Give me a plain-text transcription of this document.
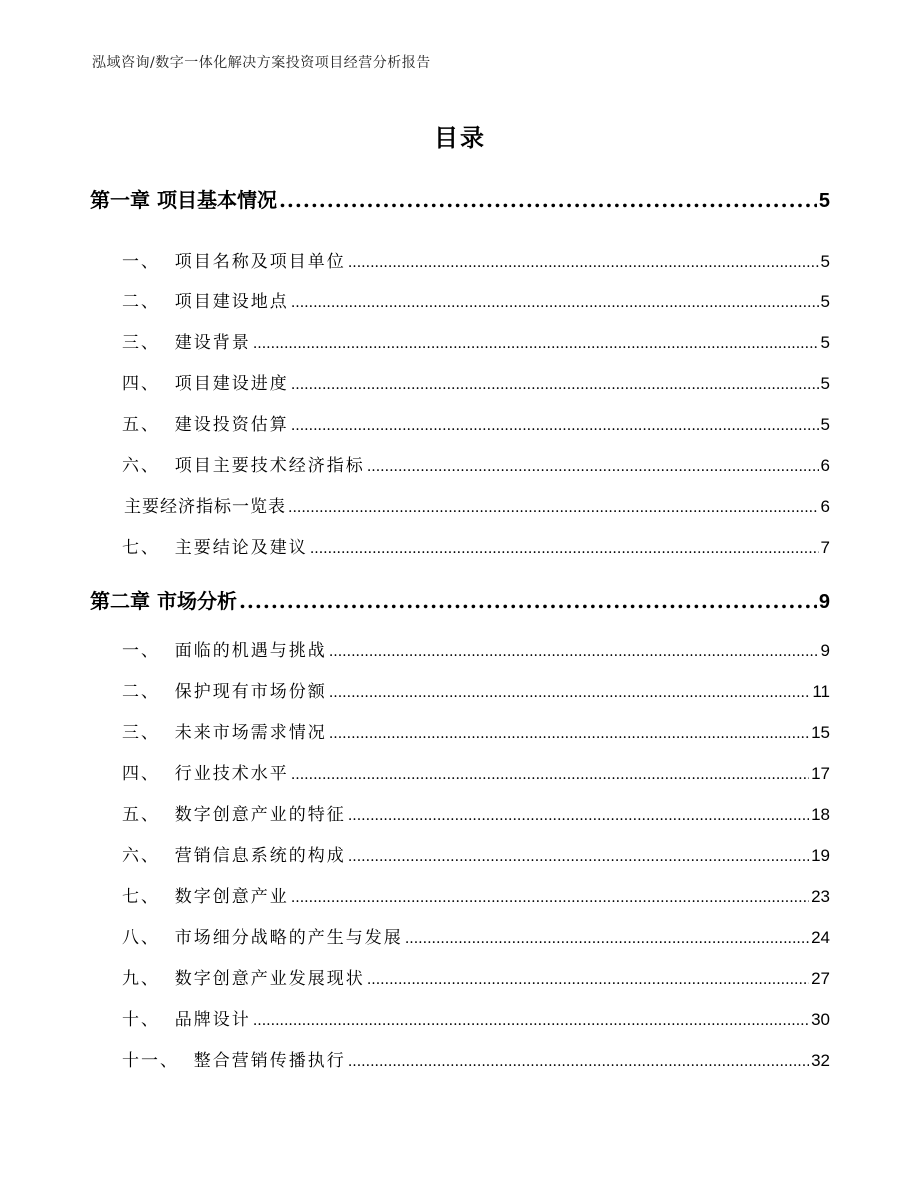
泓域咨询/数字一体化解决方案投资项目经营分析报告
目录
第一章 项目基本情况 .....	5
一、  项目名称及项目单位 .....	5
二、  项目建设地点 .....	5
三、  建设背景 .....	5
四、  项目建设进度 .....	5
五、  建设投资估算 .....	5
六、  项目主要技术经济指标 .....	6
主要经济指标一览表 .....	6
七、  主要结论及建议 .....	7
第二章 市场分析 .....	9
一、  面临的机遇与挑战 .....	9
二、  保护现有市场份额 .....	11
三、  未来市场需求情况 .....	15
四、  行业技术水平 .....	17
五、  数字创意产业的特征 .....	18
六、  营销信息系统的构成 .....	19
七、  数字创意产业 .....	23
八、  市场细分战略的产生与发展 .....	24
九、  数字创意产业发展现状 .....	27
十、  品牌设计 .....	30
十一、  整合营销传播执行 .....	32
